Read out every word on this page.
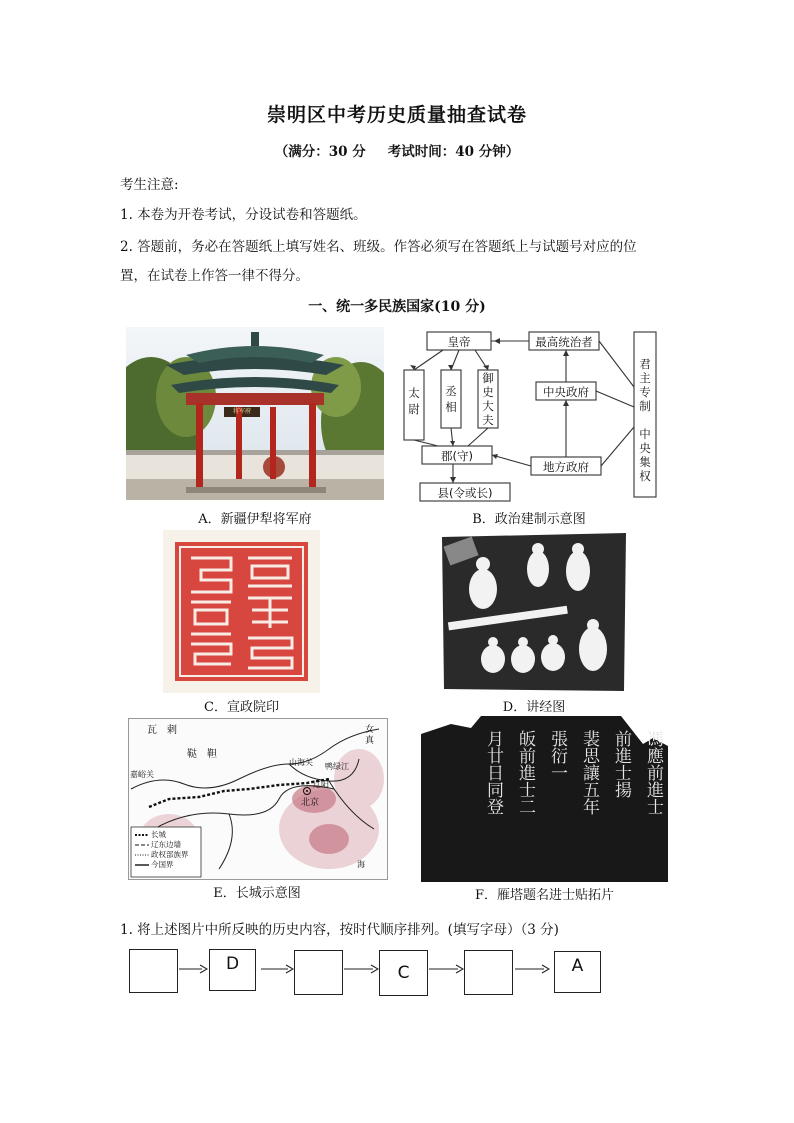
崇明区中考历史质量抽查试卷
（满分：30 分 考试时间：40 分钟）
考生注意:
1. 本卷为开卷考试，分设试卷和答题纸。
2. 答题前，务必在答题纸上填写姓名、班级。作答必须写在答题纸上与试题号对应的位
置，在试卷上作答一律不得分。
一、统一多民族国家(10 分)
将军府
A．新疆伊犁将军府
皇帝
太
尉
丞
相
御
史
大
夫
郡(守)
县(令或长)
最高统治者
中央政府
地方政府
君
主
专
制
中
央
集
权
B．政治建制示意图
C．宣政院印	D．讲经图
瓦　剌
鞑　靼
女
真
嘉峪关
山海关
北京
鸭绿江
辽阳
海
长城
辽东边墙
政权部族界
今国界
E．长城示意图
馮應前進士
前進士揚
裴思讓五年
張衍一
皈前進士二
月廿日同登
F．雁塔题名进士贴拓片
1. 将上述图片中所反映的历史内容，按时代顺序排列。(填写字母）（3 分)
D	C	A
